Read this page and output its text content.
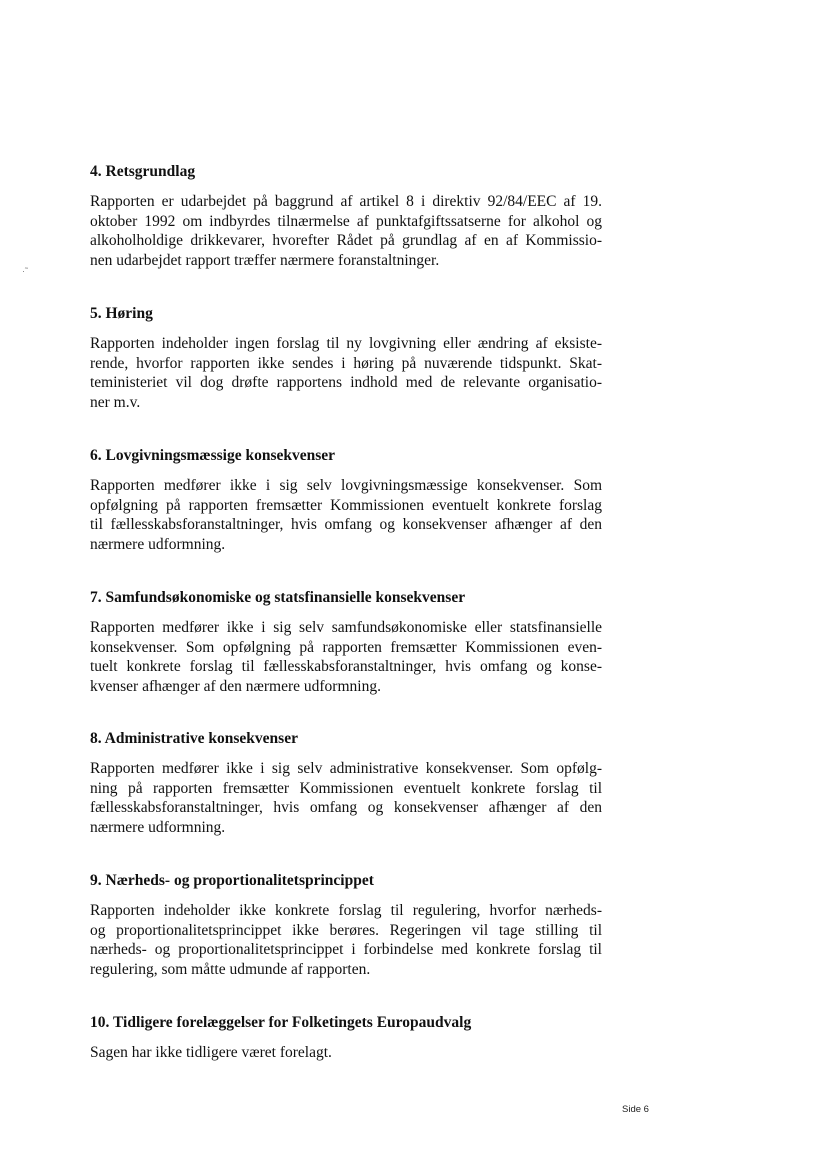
·˜
4. Retsgrundlag

Rapporten er udarbejdet på baggrund af artikel 8 i direktiv 92/84/EEC af 19.
oktober 1992 om indbyrdes tilnærmelse af punktafgiftssatserne for alkohol og
alkoholholdige drikkevarer, hvorefter Rådet på grundlag af en af Kommissio-
nen udarbejdet rapport træffer nærmere foranstaltninger.

5. Høring

Rapporten indeholder ingen forslag til ny lovgivning eller ændring af eksiste-
rende, hvorfor rapporten ikke sendes i høring på nuværende tidspunkt. Skat-
teministeriet vil dog drøfte rapportens indhold med de relevante organisatio-
ner m.v.

6. Lovgivningsmæssige konsekvenser

Rapporten medfører ikke i sig selv lovgivningsmæssige konsekvenser. Som
opfølgning på rapporten fremsætter Kommissionen eventuelt konkrete forslag
til fællesskabsforanstaltninger, hvis omfang og konsekvenser afhænger af den
nærmere udformning.

7. Samfundsøkonomiske og statsfinansielle konsekvenser

Rapporten medfører ikke i sig selv samfundsøkonomiske eller statsfinansielle
konsekvenser. Som opfølgning på rapporten fremsætter Kommissionen even-
tuelt konkrete forslag til fællesskabsforanstaltninger, hvis omfang og konse-
kvenser afhænger af den nærmere udformning.

8. Administrative konsekvenser

Rapporten medfører ikke i sig selv administrative konsekvenser. Som opfølg-
ning på rapporten fremsætter Kommissionen eventuelt konkrete forslag til
fællesskabsforanstaltninger, hvis omfang og konsekvenser afhænger af den
nærmere udformning.

9. Nærheds- og proportionalitetsprincippet

Rapporten indeholder ikke konkrete forslag til regulering, hvorfor nærheds-
og proportionalitetsprincippet ikke berøres. Regeringen vil tage stilling til
nærheds- og proportionalitetsprincippet i forbindelse med konkrete forslag til
regulering, som måtte udmunde af rapporten.

10. Tidligere forelæggelser for Folketingets Europaudvalg

Sagen har ikke tidligere været forelagt.

Side 6
